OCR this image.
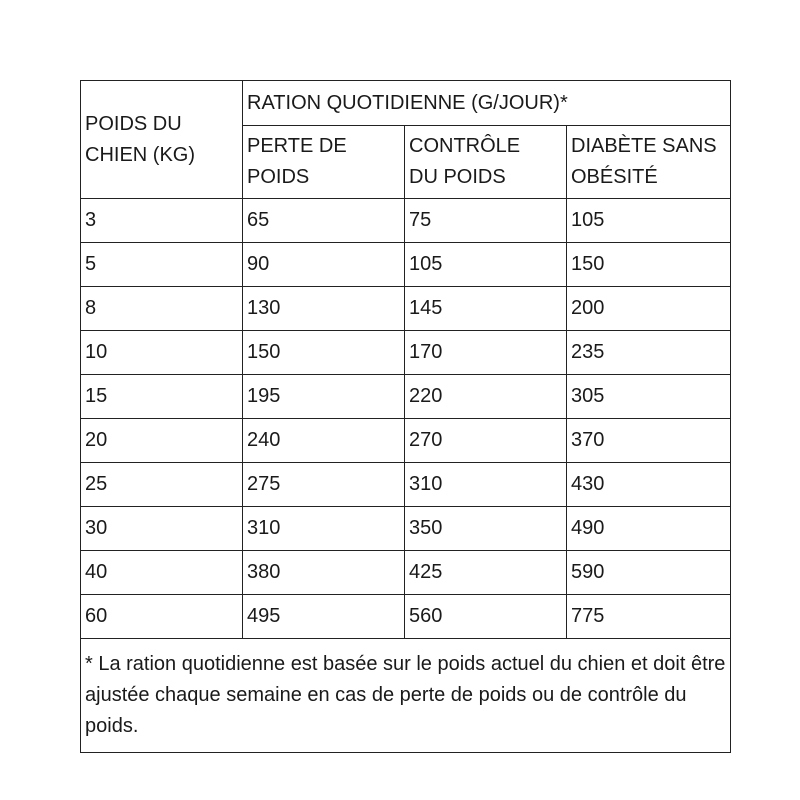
POIDS DU CHIEN (KG)	RATION QUOTIDIENNE (G/JOUR)*		

	PERTE DE POIDS	CONTRÔLE DU POIDS	DIABÈTE SANS OBÉSITÉ

3	65	75	105
5	90	105	150
8	130	145	200
10	150	170	235
15	195	220	305
20	240	270	370
25	275	310	430
30	310	350	490
40	380	425	590
60	495	560	775
* La ration quotidienne est basée sur le poids actuel du chien et doit être ajustée chaque semaine en cas de perte de poids ou de contrôle du poids.			
